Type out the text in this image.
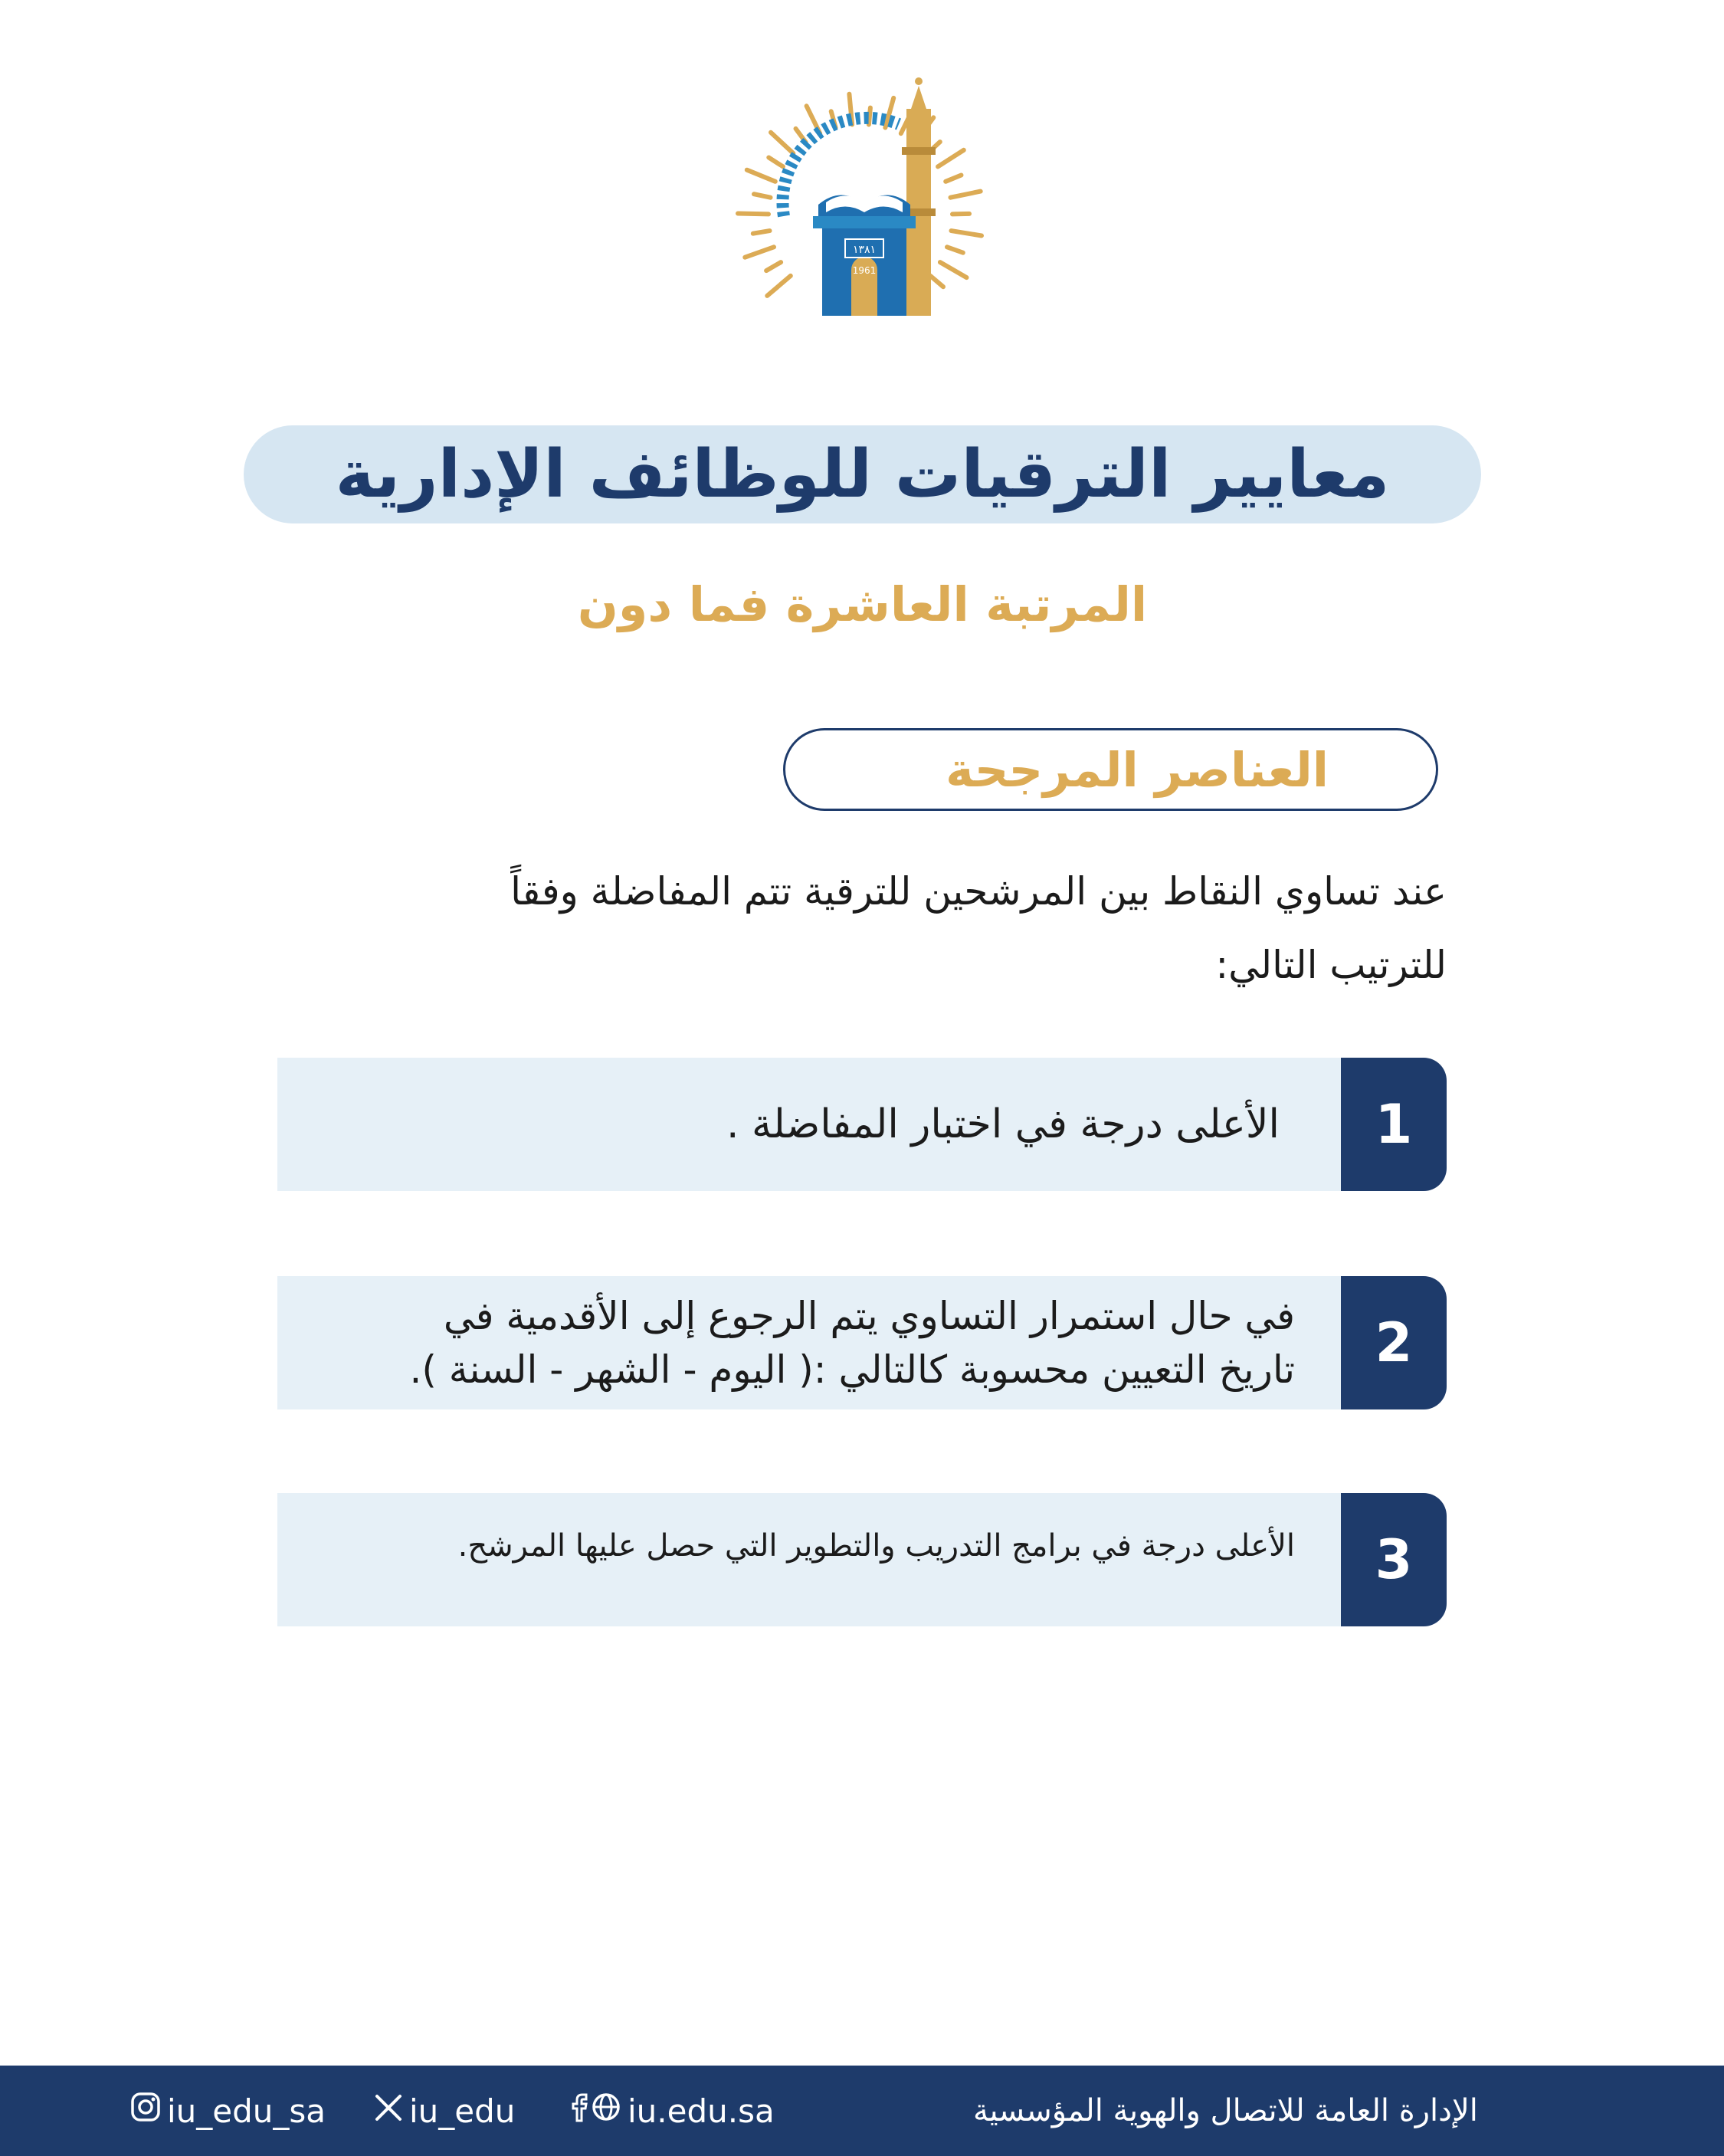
١٣٨١
1961
معايير الترقيات للوظائف الإدارية
المرتبة العاشرة فما دون
العناصر المرجحة
عند تساوي النقاط بين المرشحين للترقية تتم المفاضلة وفقاً
للترتيب التالي:
1
الأعلى درجة في اختبار المفاضلة .
2
في حال استمرار التساوي يتم الرجوع إلى الأقدمية في
تاريخ التعيين محسوبة كالتالي :( اليوم - الشهر - السنة ).
3
الأعلى درجة في برامج التدريب والتطوير التي حصل عليها المرشح.
iu_edu_sa	iu_edu	iu.edu.sa	الإدارة العامة للاتصال والهوية المؤسسية
